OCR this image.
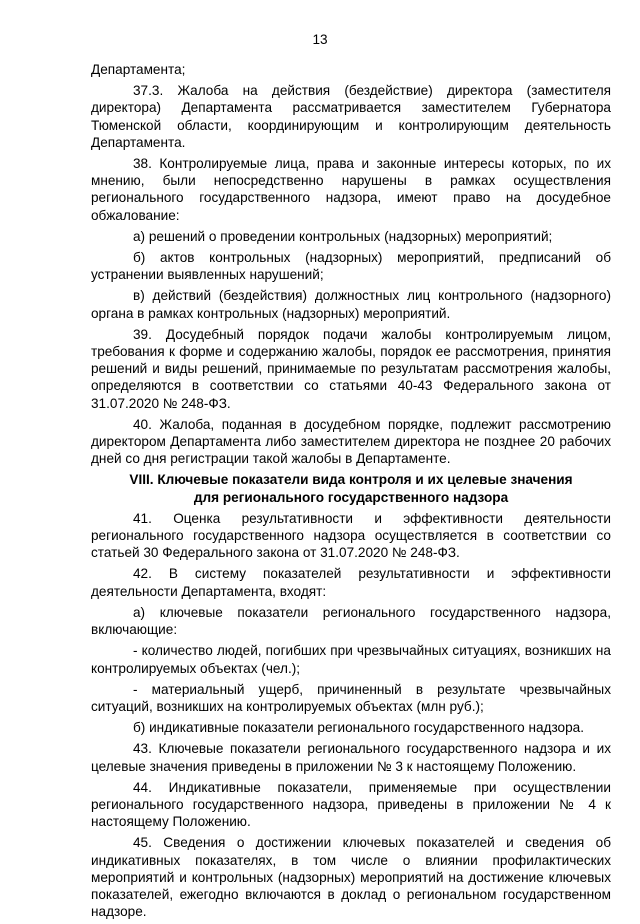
13

Департамента;

37.3. Жалоба на действия (бездействие) директора (заместителя директора) Департамента рассматривается заместителем Губернатора Тюменской области, координирующим и контролирующим деятельность Департамента.

38. Контролируемые лица, права и законные интересы которых, по их мнению, были непосредственно нарушены в рамках осуществления регионального государственного надзора, имеют право на досудебное обжалование:

а) решений о проведении контрольных (надзорных) мероприятий;

б) актов контрольных (надзорных) мероприятий, предписаний об устранении выявленных нарушений;

в) действий (бездействия) должностных лиц контрольного (надзорного) органа в рамках контрольных (надзорных) мероприятий.

39. Досудебный порядок подачи жалобы контролируемым лицом, требования к форме и содержанию жалобы, порядок ее рассмотрения, принятия решений и виды решений, принимаемые по результатам рассмотрения жалобы, определяются в соответствии со статьями 40-43 Федерального закона от 31.07.2020 № 248-ФЗ.

40. Жалоба, поданная в досудебном порядке, подлежит рассмотрению директором Департамента либо заместителем директора не позднее 20 рабочих дней со дня регистрации такой жалобы в Департаменте.

VIII. Ключевые показатели вида контроля и их целевые значения
для регионального государственного надзора

41. Оценка результативности и эффективности деятельности регионального государственного надзора осуществляется в соответствии со статьей 30 Федерального закона от 31.07.2020 № 248-ФЗ.

42. В систему показателей результативности и эффективности деятельности Департамента, входят:

а) ключевые показатели регионального государственного надзора, включающие:

- количество людей, погибших при чрезвычайных ситуациях, возникших на контролируемых объектах (чел.);

- материальный ущерб, причиненный в результате чрезвычайных ситуаций, возникших на контролируемых объектах (млн руб.);

б) индикативные показатели регионального государственного надзора.

43. Ключевые показатели регионального государственного надзора и их целевые значения приведены в приложении № 3 к настоящему Положению.

44. Индикативные показатели, применяемые при осуществлении регионального государственного надзора, приведены в приложении № 4 к настоящему Положению.

45. Сведения о достижении ключевых показателей и сведения об индикативных показателях, в том числе о влиянии профилактических мероприятий и контрольных (надзорных) мероприятий на достижение ключевых показателей, ежегодно включаются в доклад о региональном государственном надзоре.
